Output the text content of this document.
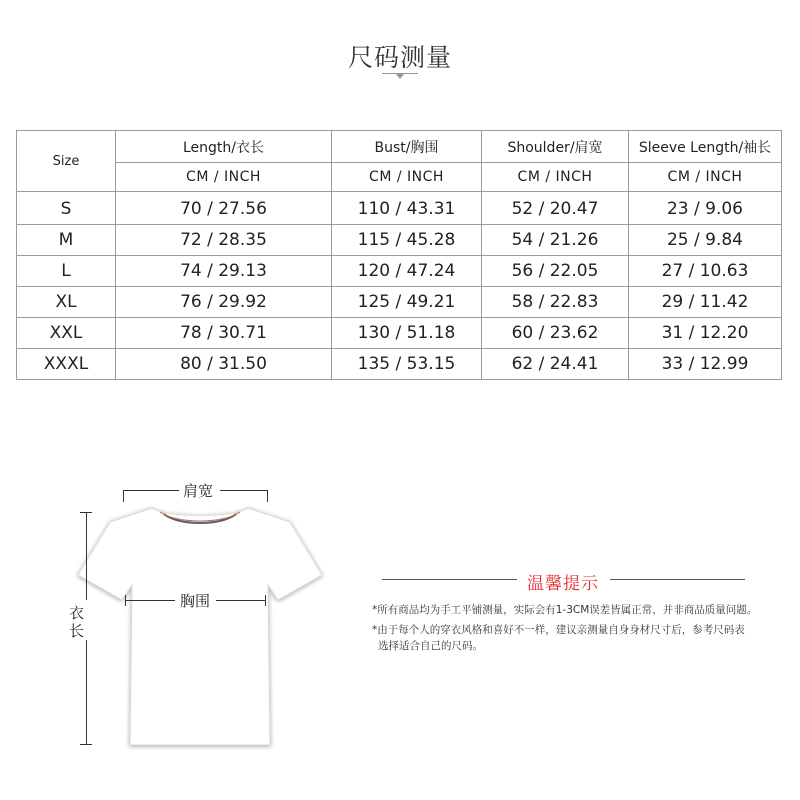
尺码测量
Size	Length/衣长	Bust/胸围	Shoulder/肩宽	Sleeve Length/袖长
	CM / INCH	CM / INCH	CM / INCH	CM / INCH
S	70 / 27.56	110 / 43.31	52 / 20.47	23 / 9.06
M	72 / 28.35	115 / 45.28	54 / 21.26	25 / 9.84
L	74 / 29.13	120 / 47.24	56 / 22.05	27 / 10.63
XL	76 / 29.92	125 / 49.21	58 / 22.83	29 / 11.42
XXL	78 / 30.71	130 / 51.18	60 / 23.62	31 / 12.20
XXXL	80 / 31.50	135 / 53.15	62 / 24.41	33 / 12.99
肩宽
胸围
衣
长
温馨提示
*所有商品均为手工平铺测量，实际会有1-3CM误差皆属正常，并非商品质量问题。
*由于每个人的穿衣风格和喜好不一样，建议亲测量自身身材尺寸后，参考尺码表
选择适合自己的尺码。
